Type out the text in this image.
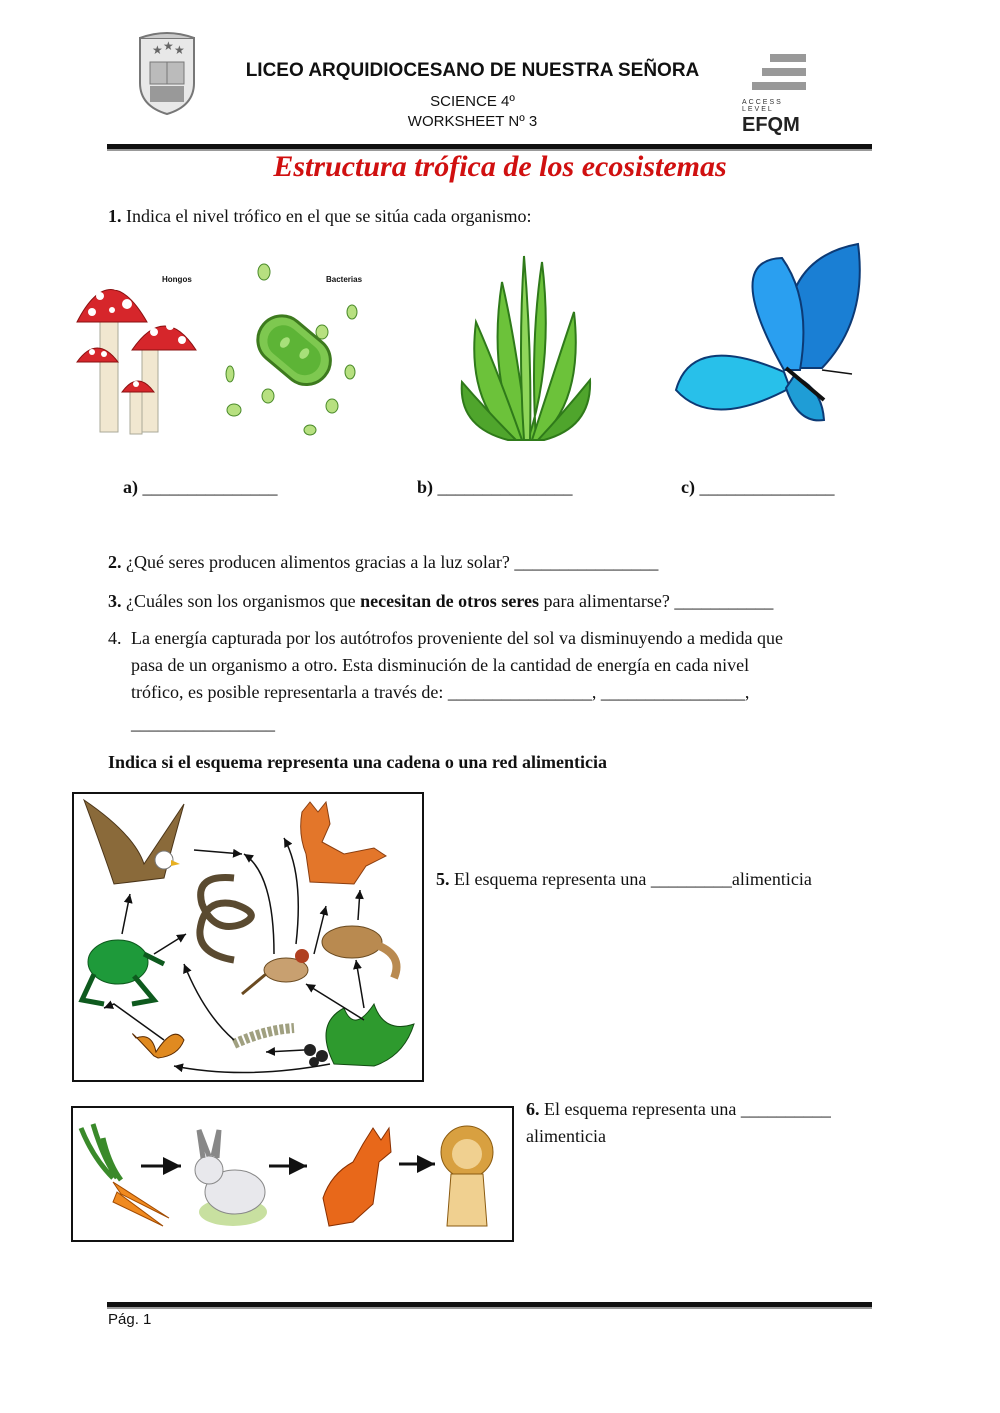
★ ★ ★
LICEO ARQUIDIOCESANO DE NUESTRA SEÑORA
SCIENCE 4º
WORKSHEET Nº 3
ACCESS LEVEL
EFQM
Estructura trófica de los ecosistemas
1. Indica el nivel trófico en el que se sitúa cada organismo:
Hongos	Bacterias
a) _______________	b) _______________	c) _______________
2. ¿Qué seres producen alimentos gracias a la luz solar? ________________
3. ¿Cuáles son los organismos que necesitan de otros seres para alimentarse? ___________
4. La energía capturada por los autótrofos proveniente del sol va disminuyendo a medida que
pasa de un organismo a otro. Esta disminución de la cantidad de energía en cada nivel
trófico, es posible representarla a través de: ________________, ________________,
________________
Indica si el esquema representa una cadena o una red alimenticia
5. El esquema representa una _________alimenticia
6. El esquema representa una __________
alimenticia
Pág. 1
